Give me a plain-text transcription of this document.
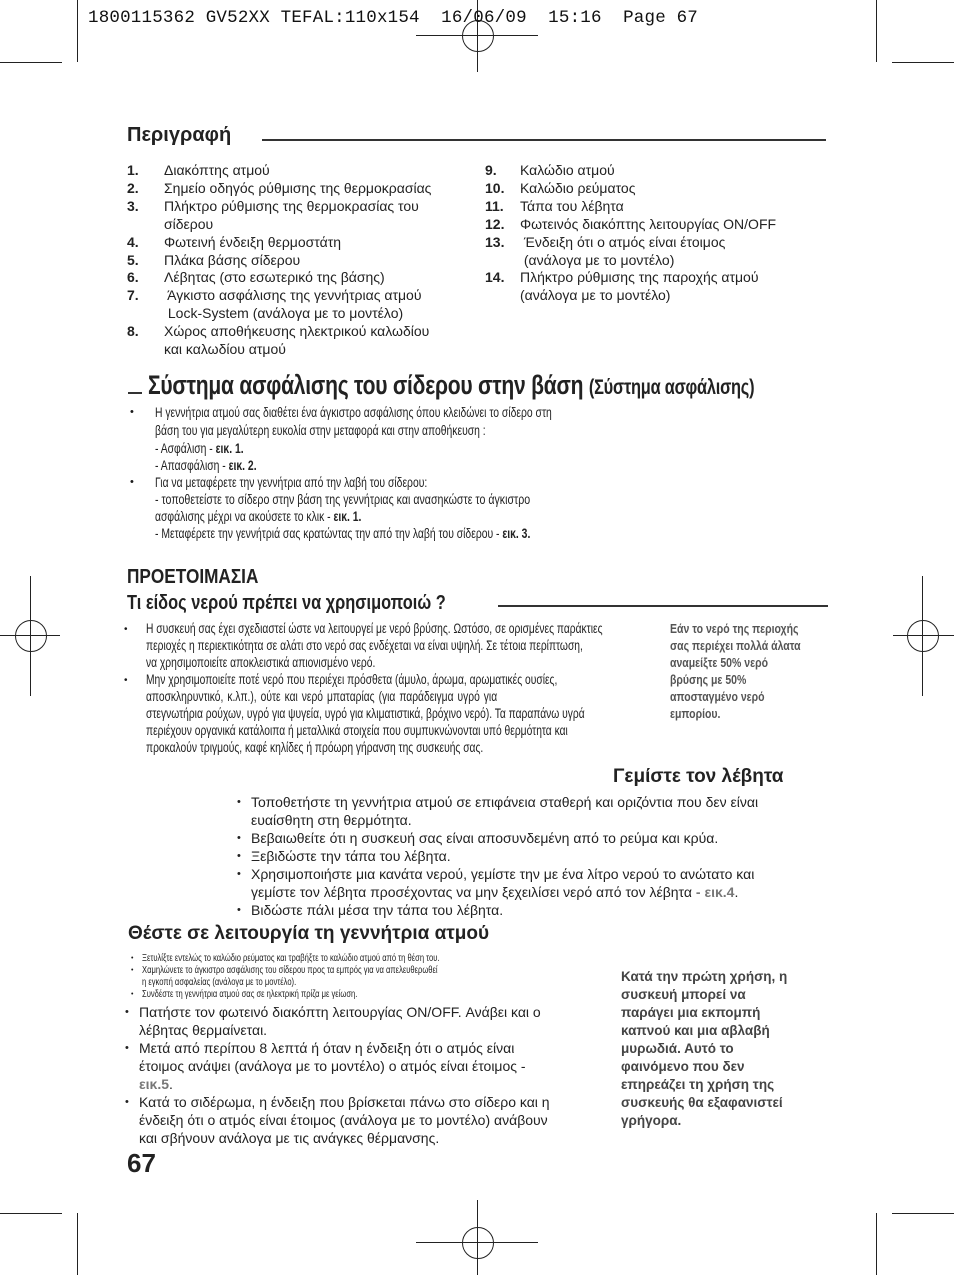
1800115362 GV52XX TEFAL:110x154  16/06/09  15:16  Page 67
Περιγραφή
1. Διακόπτης ατμού
2. Σημείο οδηγός ρύθμισης της θερμοκρασίας
3. Πλήκτρο ρύθμισης της θερμοκρασίας του
σίδερου
4. Φωτεινή ένδειξη θερμοστάτη
5. Πλάκα βάσης σίδερου
6. Λέβητας (στο εσωτερικό της βάσης)
7. Άγκιστο ασφάλισης της γεννήτριας ατμού
Lock-System (ανάλογα με το μοντέλο)
8. Χώρος αποθήκευσης ηλεκτρικού καλωδίου
και καλωδίου ατμού
9. Καλώδιο ατμού
10. Καλώδιο ρεύματος
11. Τάπα του λέβητα
12. Φωτεινός διακόπτης λειτουργίας ON/OFF
13. Ένδειξη ότι ο ατμός είναι έτοιμος
(ανάλογα με το μοντέλο)
14. Πλήκτρο ρύθμισης της παροχής ατμού
(ανάλογα με το μοντέλο)
Σύστημα ασφάλισης του σίδερου στην βάση (Σύστημα ασφάλισης)
• Η γεννήτρια ατμού σας διαθέτει ένα άγκιστρο ασφάλισης όπου κλειδώνει το σίδερο στη
βάση του για μεγαλύτερη ευκολία στην μεταφορά και στην αποθήκευση :
- Ασφάλιση - εικ. 1.
- Απασφάλιση - εικ. 2.
• Για να μεταφέρετε την γεννήτρια από την λαβή του σίδερου:
- τοποθετείστε το σίδερο στην βάση της γεννήτριας και ανασηκώστε το άγκιστρο
ασφάλισης μέχρι να ακούσετε το κλικ - εικ. 1.
- Μεταφέρετε την γεννήτριά σας κρατώντας την από την λαβή του σίδερου - εικ. 3.
ΠΡΟΕΤΟΙΜΑΣΙΑ
Τι είδος νερού πρέπει να χρησιμοποιώ ?
• Η συσκευή σας έχει σχεδιαστεί ώστε να λειτουργεί με νερό βρύσης. Ωστόσο, σε ορισμένες παράκτιες
περιοχές η περιεκτικότητα σε αλάτι στο νερό σας ενδέχεται να είναι υψηλή. Σε τέτοια περίπτωση,
να χρησιμοποιείτε αποκλειστικά απιονισμένο νερό.
• Μην χρησιμοποιείτε ποτέ νερό που περιέχει πρόσθετα (άμυλο, άρωμα, αρωματικές ουσίες,
αποσκληρυντικό, κ.λπ.), ούτε και νερό μπαταρίας (για παράδειγμα υγρό για
στεγνωτήρια ρούχων, υγρό για ψυγεία, υγρό για κλιματιστικά, βρόχινο νερό). Τα παραπάνω υγρά
περιέχουν οργανικά κατάλοιπα ή μεταλλικά στοιχεία που συμπυκνώνονται υπό θερμότητα και
προκαλούν τριγμούς, καφέ κηλίδες ή πρόωρη γήρανση της συσκευής σας.
Εάν το νερό της περιοχής
σας περιέχει πολλά άλατα
αναμείξτε 50% νερό
βρύσης με 50%
αποσταγμένο νερό
εμπορίου.
Γεμίστε τον λέβητα
• Τοποθετήστε τη γεννήτρια ατμού σε επιφάνεια σταθερή και οριζόντια που δεν είναι
ευαίσθητη στη θερμότητα.
• Βεβαιωθείτε ότι η συσκευή σας είναι αποσυνδεμένη από το ρεύμα και κρύα.
• Ξεβιδώστε την τάπα του λέβητα.
• Χρησιμοποιήστε μια κανάτα νερού, γεμίστε την με ένα λίτρο νερού το ανώτατο και
γεμίστε τον λέβητα προσέχοντας να μην ξεχειλίσει νερό από τον λέβητα - εικ.4.
• Βιδώστε πάλι μέσα την τάπα του λέβητα.
Θέστε σε λειτουργία τη γεννήτρια ατμού
• Ξετυλίξτε εντελώς το καλώδιο ρεύματος και τραβήξτε το καλώδιο ατμού από τη θέση του.
• Χαμηλώνετε το άγκιστρο ασφάλισης του σίδερου προς τα εμπρός για να απελευθερωθεί
η εγκοπή ασφαλείας (ανάλογα με το μοντέλο).
• Συνδέστε τη γεννήτρια ατμού σας σε ηλεκτρική πρίζα με γείωση.
• Πατήστε τον φωτεινό διακόπτη λειτουργίας ON/OFF. Ανάβει και ο
λέβητας θερμαίνεται.
• Μετά από περίπου 8 λεπτά ή όταν η ένδειξη ότι ο ατμός είναι
έτοιμος ανάψει (ανάλογα με το μοντέλο) ο ατμός είναι έτοιμος -
εικ.5.
• Κατά το σιδέρωμα, η ένδειξη που βρίσκεται πάνω στο σίδερο και η
ένδειξη ότι ο ατμός είναι έτοιμος (ανάλογα με το μοντέλο) ανάβουν
και σβήνουν ανάλογα με τις ανάγκες θέρμανσης.
Κατά την πρώτη χρήση, η
συσκευή μπορεί να
παράγει μια εκπομπή
καπνού και μια αβλαβή
μυρωδιά. Αυτό το
φαινόμενο που δεν
επηρεάζει τη χρήση της
συσκευής θα εξαφανιστεί
γρήγορα.
67
